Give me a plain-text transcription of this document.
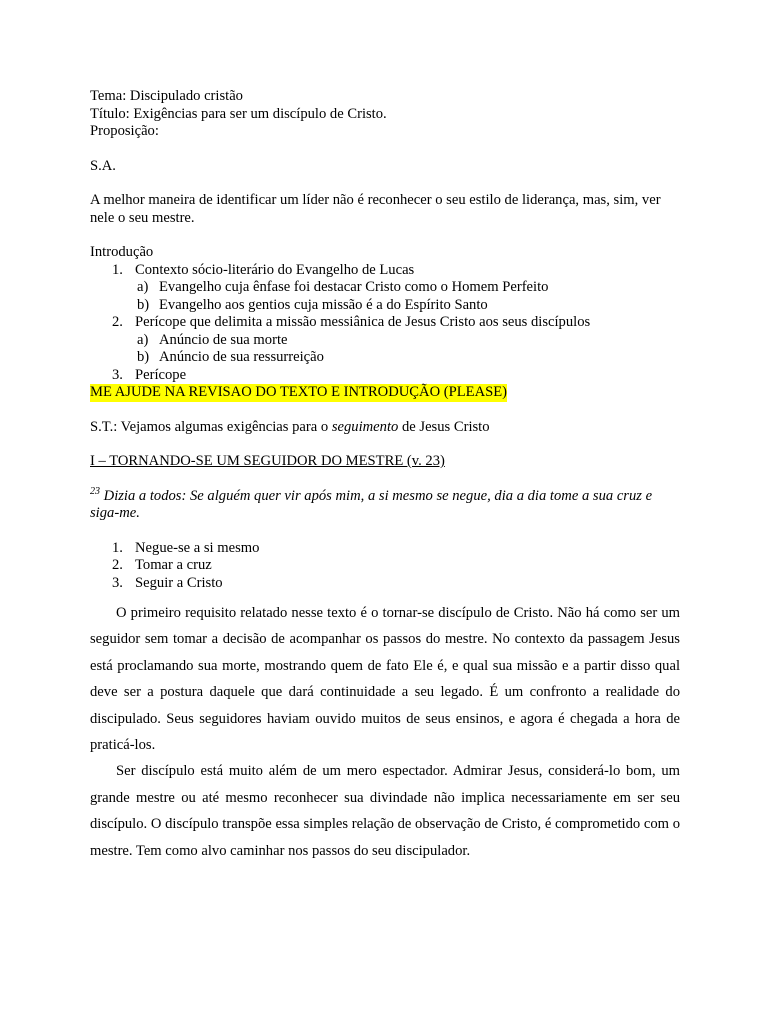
Tema: Discipulado cristão
Título: Exigências para ser um discípulo de Cristo.
Proposição:
S.A.
A melhor maneira de identificar um líder não é reconhecer o seu estilo de liderança, mas, sim, ver nele o seu mestre.
Introdução
1. Contexto sócio-literário do Evangelho de Lucas
a) Evangelho cuja ênfase foi destacar Cristo como o Homem Perfeito
b) Evangelho aos gentios cuja missão é a do Espírito Santo
2. Perícope que delimita a missão messiânica de Jesus Cristo aos seus discípulos
a) Anúncio de sua morte
b) Anúncio de sua ressurreição
3. Perícope
ME AJUDE NA REVISAO DO TEXTO E INTRODUÇÃO (PLEASE)
S.T.: Vejamos algumas exigências para o seguimento de Jesus Cristo
I – TORNANDO-SE UM SEGUIDOR DO MESTRE (v. 23)
$^{23}$ Dizia a todos: Se alguém quer vir após mim, a si mesmo se negue, dia a dia tome a sua cruz e siga-me.
1. Negue-se a si mesmo
2. Tomar a cruz
3. Seguir a Cristo

O primeiro requisito relatado nesse texto é o tornar-se discípulo de Cristo. Não há como ser um seguidor sem tomar a decisão de acompanhar os passos do mestre. No contexto da passagem Jesus está proclamando sua morte, mostrando quem de fato Ele é, e qual sua missão e a partir disso qual deve ser a postura daquele que dará continuidade a seu legado. É um confronto a realidade do discipulado. Seus seguidores haviam ouvido muitos de seus ensinos, e agora é chegada a hora de praticá-los.

Ser discípulo está muito além de um mero espectador. Admirar Jesus, considerá-lo bom, um grande mestre ou até mesmo reconhecer sua divindade não implica necessariamente em ser seu discípulo. O discípulo transpõe essa simples relação de observação de Cristo, é comprometido com o mestre. Tem como alvo caminhar nos passos do seu discipulador.
